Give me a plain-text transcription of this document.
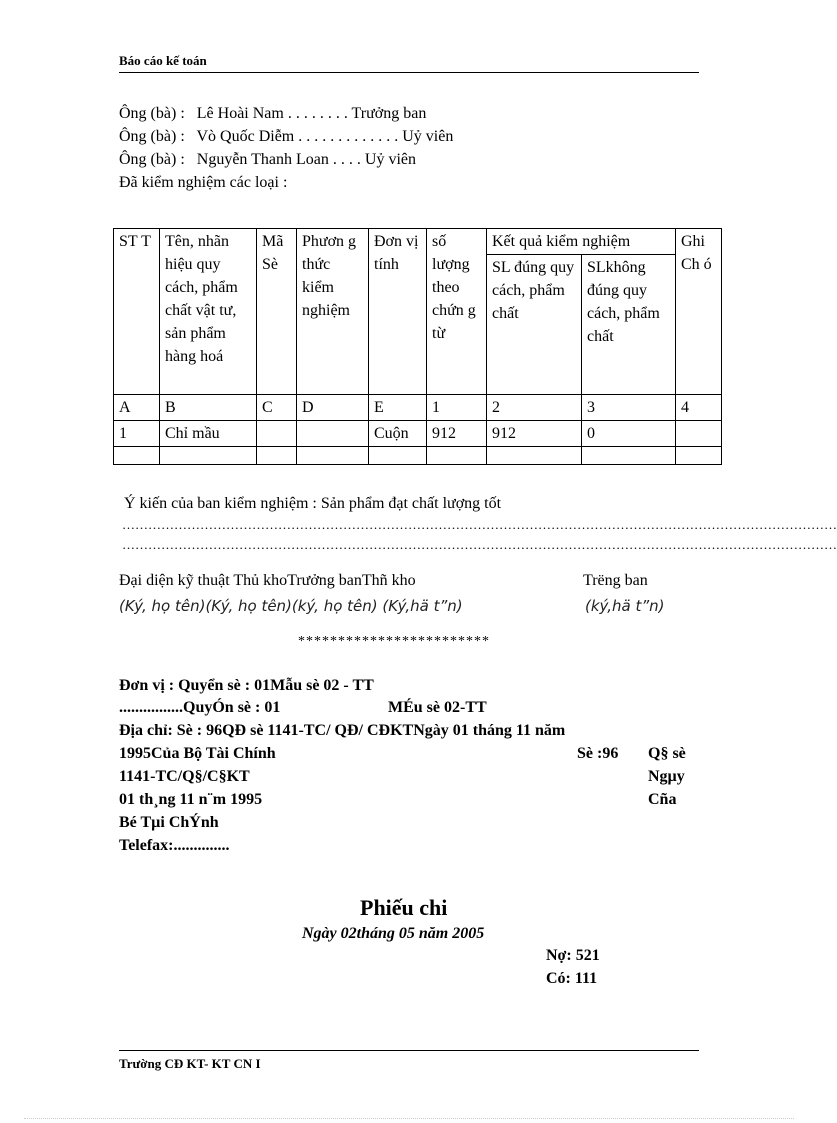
Báo cáo kế toán
Ông (bà) : Lê Hoài Nam . . . . . . . . Trưởng ban
Ông (bà) : Vò Quốc Diễm . . . . . . . . . . . . . Uỷ viên
Ông (bà) : Nguyễn Thanh Loan . . . . Uỷ viên
Đã kiểm nghiệm các loại :
ST T	Tên, nhãn hiệu quy cách, phẩm chất vật tư, sản phẩm hàng hoá	Mã Sè	Phươn g thức kiểm nghiệm	Đơn vị tính	số lượng theo chứn g từ	Kết quả kiểm nghiệm		Ghi Ch ó
						SL đúng quy cách, phẩm chất	SLkhông đúng quy cách, phẩm chất	
A	B	C	D	E	1	2	3	4
1	Chỉ mầu			Cuộn	912	912	0	

Ý kiến của ban kiểm nghiệm : Sản phẩm đạt chất lượng tốt
…………………………………………………………………………………………………………………………………………………
…………………………………………………………………………………………………………………………………………………
Đại diện kỹ thuật Thủ khoTrưởng banThñ kho	Trëng ban
(Ký, họ tên)(Ký, họ tên)(ký, họ tên) (Ký,hä t”n)	(ký,hä t”n)
************************
Đơn vị : Quyển sè : 01Mẫu sè 02 - TT
................QuyÓn sè : 01	MÉu sè 02-TT
Địa chỉ: Sè : 96QĐ sè 1141-TC/ QĐ/ CĐKTNgày 01 tháng 11 năm
1995Của Bộ Tài Chính	Sè :96 Q§ sè
1141-TC/Q§/C§KT	Ngµy
01 th¸ng 11 n¨m 1995	Cña
Bé Tµi ChÝnh
Telefax:..............
Phiếu chi
Ngày 02tháng 05 năm 2005
Nợ: 521
Có: 111
Trường CĐ KT- KT CN I
